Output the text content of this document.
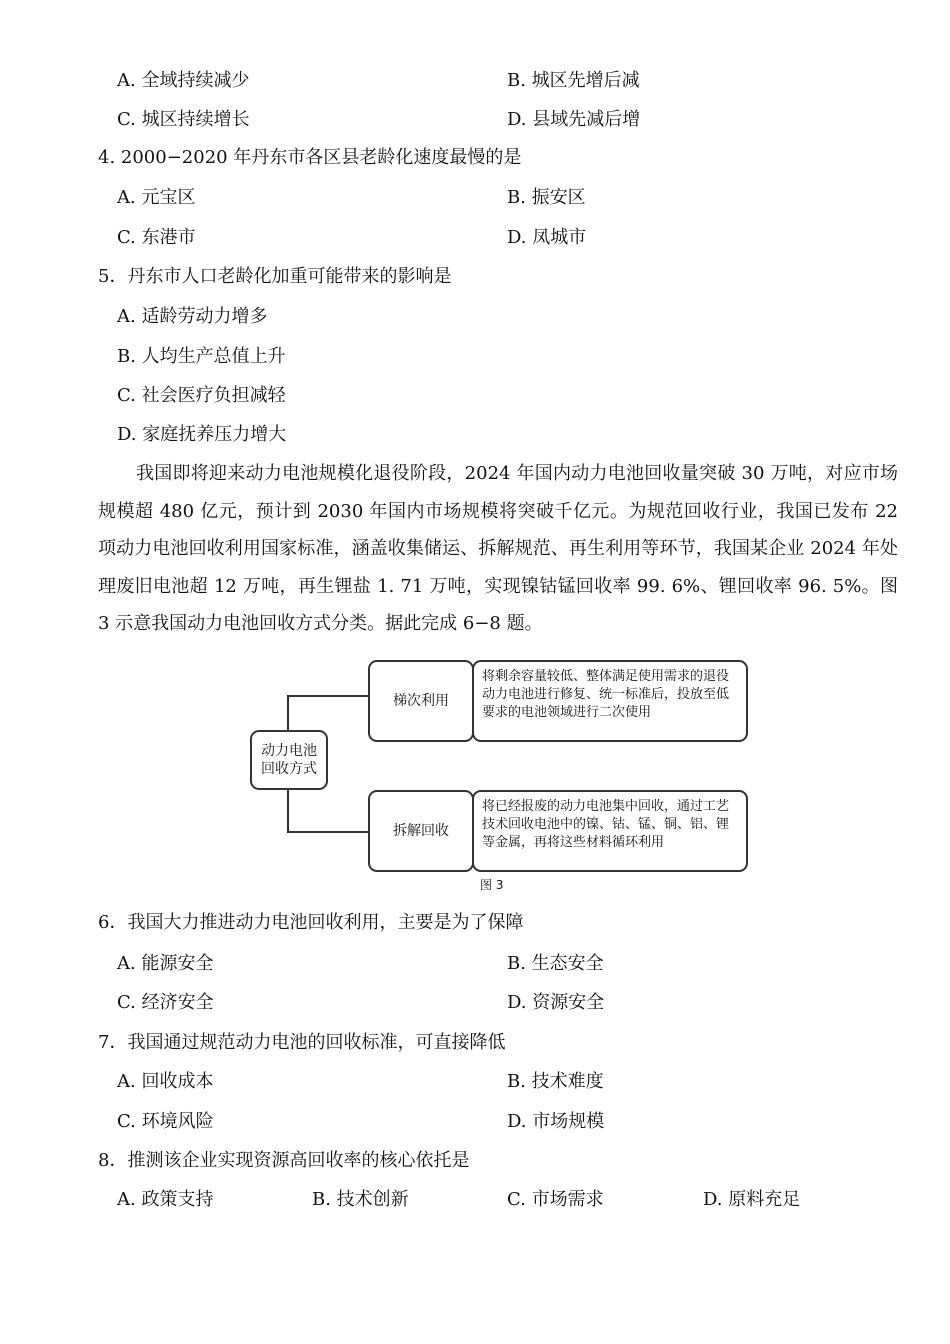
A. 全域持续减少	B. 城区先增后减
C. 城区持续增长	D. 县域先减后增
4. 2000−2020 年丹东市各区县老龄化速度最慢的是
A. 元宝区	B. 振安区
C. 东港市	D. 凤城市
5．丹东市人口老龄化加重可能带来的影响是
A. 适龄劳动力增多
B. 人均生产总值上升
C. 社会医疗负担减轻
D. 家庭抚养压力增大

我国即将迎来动力电池规模化退役阶段，2024 年国内动力电池回收量突破 30 万吨，对应市场规模超 480 亿元，预计到 2030 年国内市场规模将突破千亿元。为规范回收行业，我国已发布 22 项动力电池回收利用国家标准，涵盖收集储运、拆解规范、再生利用等环节，我国某企业 2024 年处理废旧电池超 12 万吨，再生锂盐 1. 71 万吨，实现镍钴锰回收率 99. 6%、锂回收率 96. 5%。图 3 示意我国动力电池回收方式分类。据此完成 6−8 题。

动力电池回收方式
梯次利用
将剩余容量较低、整体满足使用需求的退役动力电池进行修复、统一标准后，投放至低要求的电池领域进行二次使用
拆解回收
将已经报废的动力电池集中回收，通过工艺技术回收电池中的镍、钴、锰、铜、铝、锂等金属，再将这些材料循环利用
图 3
6．我国大力推进动力电池回收利用，主要是为了保障
A. 能源安全	B. 生态安全
C. 经济安全	D. 资源安全
7．我国通过规范动力电池的回收标准，可直接降低
A. 回收成本	B. 技术难度
C. 环境风险	D. 市场规模
8．推测该企业实现资源高回收率的核心依托是
A. 政策支持	B. 技术创新	C. 市场需求	D. 原料充足
